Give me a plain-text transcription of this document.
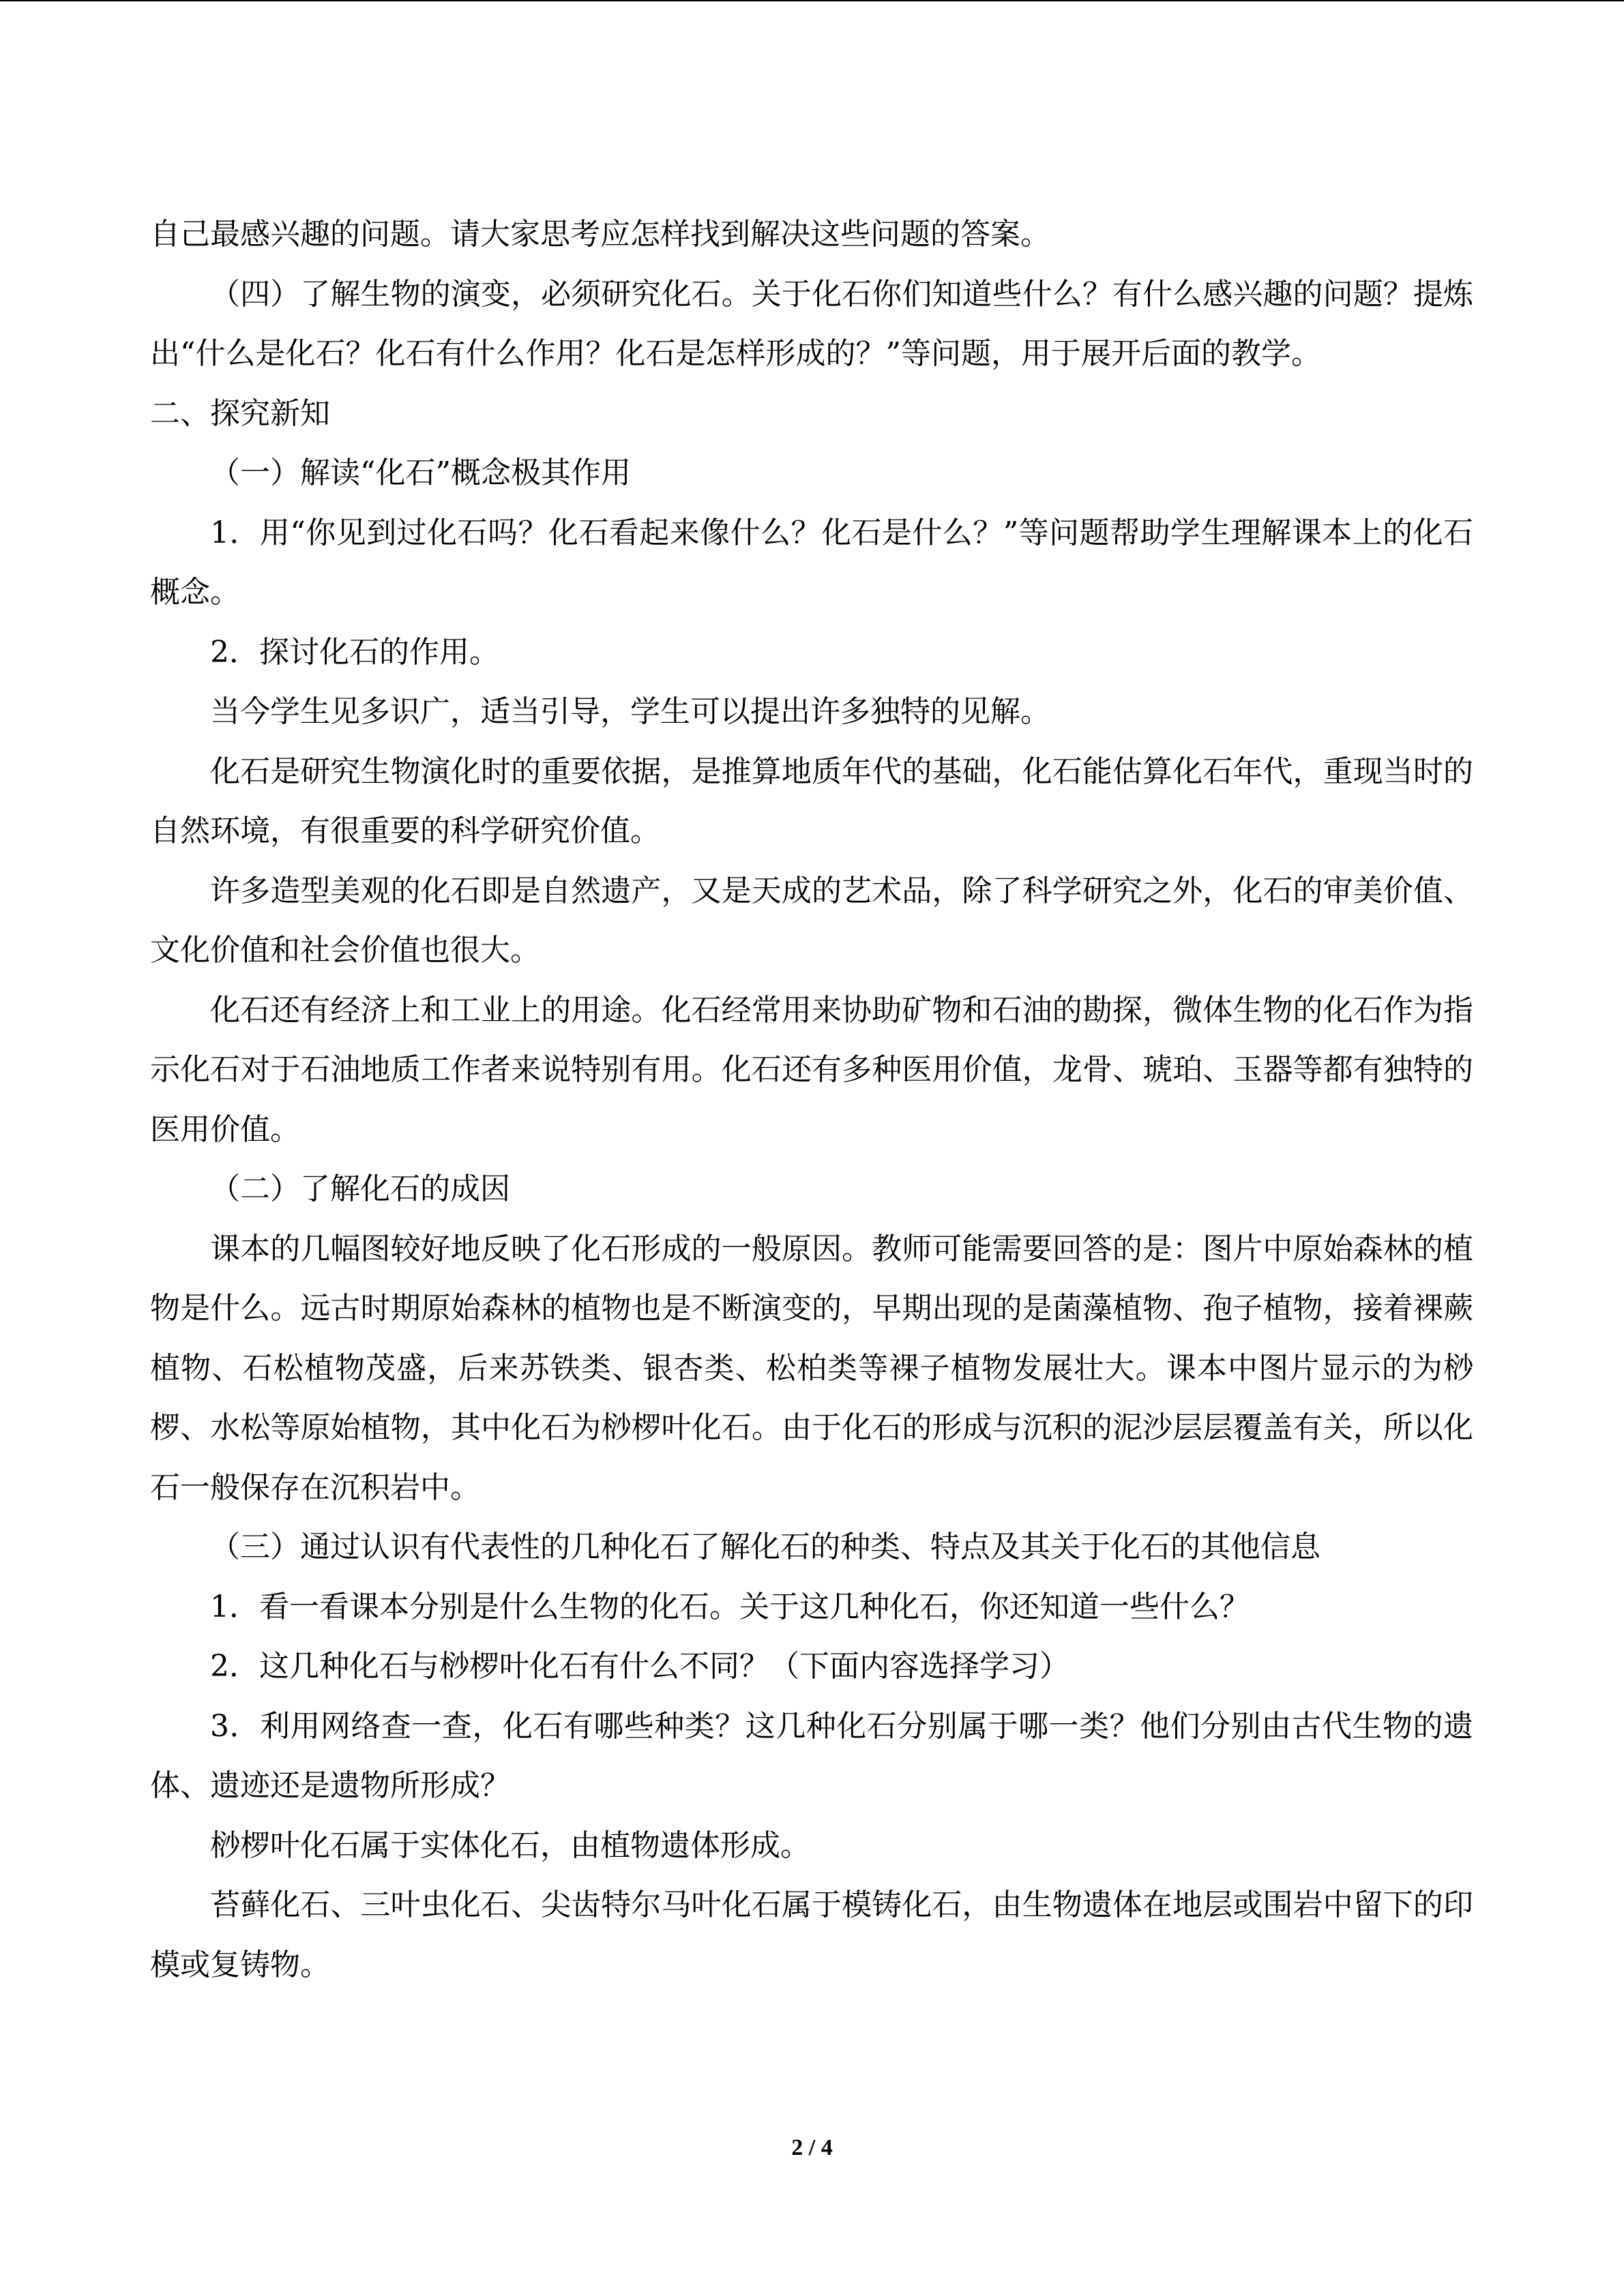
自己最感兴趣的问题。请大家思考应怎样找到解决这些问题的答案。

（四）了解生物的演变，必须研究化石。关于化石你们知道些什么？有什么感兴趣的问题？提炼出“什么是化石？化石有什么作用？化石是怎样形成的？”等问题，用于展开后面的教学。

二、探究新知

（一）解读“化石”概念极其作用

1．用“你见到过化石吗？化石看起来像什么？化石是什么？”等问题帮助学生理解课本上的化石概念。

2．探讨化石的作用。

当今学生见多识广，适当引导，学生可以提出许多独特的见解。

化石是研究生物演化时的重要依据，是推算地质年代的基础，化石能估算化石年代，重现当时的自然环境，有很重要的科学研究价值。

许多造型美观的化石即是自然遗产，又是天成的艺术品，除了科学研究之外，化石的审美价值、文化价值和社会价值也很大。

化石还有经济上和工业上的用途。化石经常用来协助矿物和石油的勘探，微体生物的化石作为指示化石对于石油地质工作者来说特别有用。化石还有多种医用价值，龙骨、琥珀、玉器等都有独特的医用价值。

（二）了解化石的成因

课本的几幅图较好地反映了化石形成的一般原因。教师可能需要回答的是：图片中原始森林的植物是什么。远古时期原始森林的植物也是不断演变的，早期出现的是菌藻植物、孢子植物，接着裸蕨植物、石松植物茂盛，后来苏铁类、银杏类、松柏类等裸子植物发展壮大。课本中图片显示的为桫椤、水松等原始植物，其中化石为桫椤叶化石。由于化石的形成与沉积的泥沙层层覆盖有关，所以化石一般保存在沉积岩中。

（三）通过认识有代表性的几种化石了解化石的种类、特点及其关于化石的其他信息

1．看一看课本分别是什么生物的化石。关于这几种化石，你还知道一些什么？

2．这几种化石与桫椤叶化石有什么不同？（下面内容选择学习）

3．利用网络查一查，化石有哪些种类？这几种化石分别属于哪一类？他们分别由古代生物的遗体、遗迹还是遗物所形成？

桫椤叶化石属于实体化石，由植物遗体形成。

苔藓化石、三叶虫化石、尖齿特尔马叶化石属于模铸化石，由生物遗体在地层或围岩中留下的印模或复铸物。

2 / 4
